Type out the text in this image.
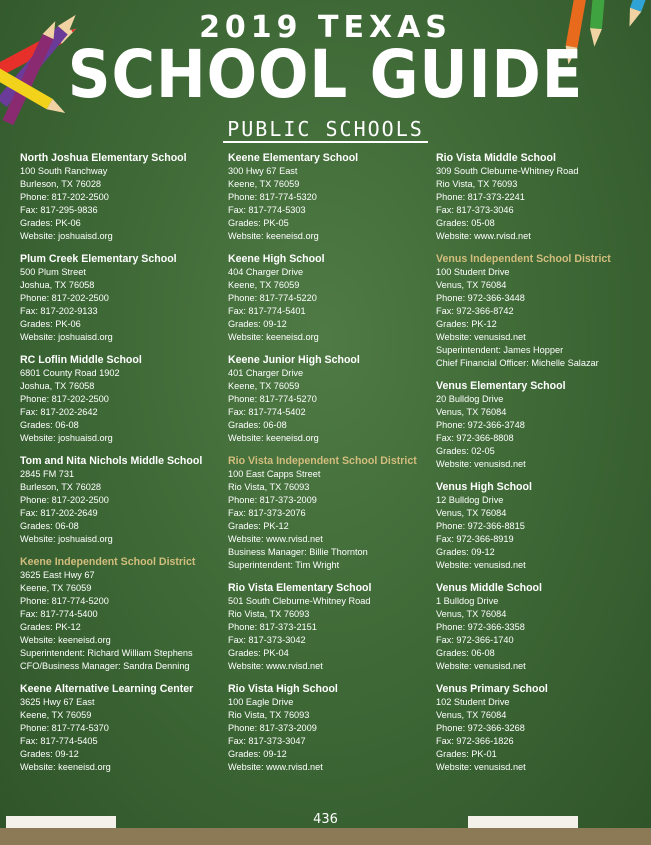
2019 TEXAS
SCHOOL GUIDE
PUBLIC SCHOOLS
North Joshua Elementary School
100 South Ranchway
Burleson, TX 76028
Phone: 817-202-2500
Fax: 817-295-9836
Grades: PK-06
Website: joshuaisd.org
Plum Creek Elementary School
500 Plum Street
Joshua, TX 76058
Phone: 817-202-2500
Fax: 817-202-9133
Grades: PK-06
Website: joshuaisd.org
RC Loflin Middle School
6801 County Road 1902
Joshua, TX 76058
Phone: 817-202-2500
Fax: 817-202-2642
Grades: 06-08
Website: joshuaisd.org
Tom and Nita Nichols Middle School
2845 FM 731
Burleson, TX 76028
Phone: 817-202-2500
Fax: 817-202-2649
Grades: 06-08
Website: joshuaisd.org
Keene Independent School District
3625 East Hwy 67
Keene, TX 76059
Phone: 817-774-5200
Fax: 817-774-5400
Grades: PK-12
Website: keeneisd.org
Superintendent: Richard William Stephens
CFO/Business Manager: Sandra Denning
Keene Alternative Learning Center
3625 Hwy 67 East
Keene, TX 76059
Phone: 817-774-5370
Fax: 817-774-5405
Grades: 09-12
Website: keeneisd.org
Keene Elementary School
300 Hwy 67 East
Keene, TX 76059
Phone: 817-774-5320
Fax: 817-774-5303
Grades: PK-05
Website: keeneisd.org
Keene High School
404 Charger Drive
Keene, TX 76059
Phone: 817-774-5220
Fax: 817-774-5401
Grades: 09-12
Website: keeneisd.org
Keene Junior High School
401 Charger Drive
Keene, TX 76059
Phone: 817-774-5270
Fax: 817-774-5402
Grades: 06-08
Website: keeneisd.org
Rio Vista Independent School District
100 East Capps Street
Rio Vista, TX 76093
Phone: 817-373-2009
Fax: 817-373-2076
Grades: PK-12
Website: www.rvisd.net
Business Manager: Billie Thornton
Superintendent: Tim Wright
Rio Vista Elementary School
501 South Cleburne-Whitney Road
Rio Vista, TX 76093
Phone: 817-373-2151
Fax: 817-373-3042
Grades: PK-04
Website: www.rvisd.net
Rio Vista High School
100 Eagle Drive
Rio Vista, TX 76093
Phone: 817-373-2009
Fax: 817-373-3047
Grades: 09-12
Website: www.rvisd.net
Rio Vista Middle School
309 South Cleburne-Whitney Road
Rio Vista, TX 76093
Phone: 817-373-2241
Fax: 817-373-3046
Grades: 05-08
Website: www.rvisd.net
Venus Independent School District
100 Student Drive
Venus, TX 76084
Phone: 972-366-3448
Fax: 972-366-8742
Grades: PK-12
Website: venusisd.net
Superintendent: James Hopper
Chief Financial Officer: Michelle Salazar
Venus Elementary School
20 Bulldog Drive
Venus, TX 76084
Phone: 972-366-3748
Fax: 972-366-8808
Grades: 02-05
Website: venusisd.net
Venus High School
12 Bulldog Drive
Venus, TX 76084
Phone: 972-366-8815
Fax: 972-366-8919
Grades: 09-12
Website: venusisd.net
Venus Middle School
1 Bulldog Drive
Venus, TX 76084
Phone: 972-366-3358
Fax: 972-366-1740
Grades: 06-08
Website: venusisd.net
Venus Primary School
102 Student Drive
Venus, TX 76084
Phone: 972-366-3268
Fax: 972-366-1826
Grades: PK-01
Website: venusisd.net
436
